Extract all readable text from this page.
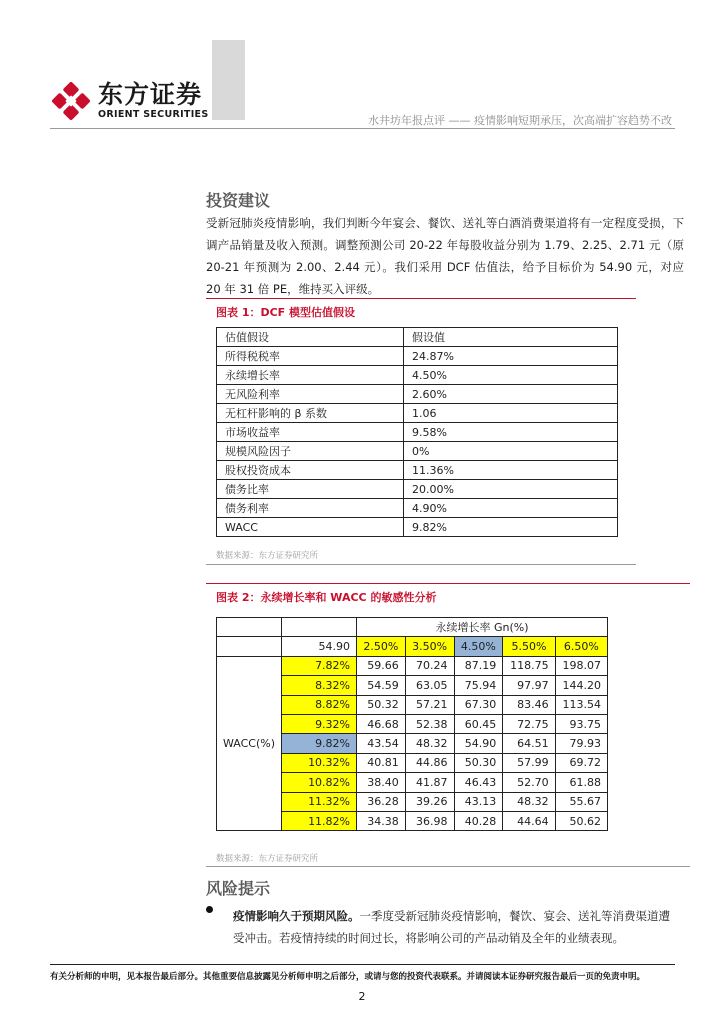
东方证券
ORIENT SECURITIES	水井坊年报点评 —— 疫情影响短期承压，次高端扩容趋势不改
投资建议
受新冠肺炎疫情影响，我们判断今年宴会、餐饮、送礼等白酒消费渠道将有一定程度受损，下调产品销量及收入预测。调整预测公司 20-22 年每股收益分别为 1.79、2.25、2.71 元（原 20-21 年预测为 2.00、2.44 元）。我们采用 DCF 估值法，给予目标价为 54.90 元，对应 20 年 31 倍 PE，维持买入评级。
图表 1：DCF 模型估值假设
估值假设	假设值
所得税税率	24.87%
永续增长率	4.50%
无风险利率	2.60%
无杠杆影响的 β 系数	1.06
市场收益率	9.58%
规模风险因子	0%
股权投资成本	11.36%
债务比率	20.00%
债务利率	4.90%
WACC	9.82%
数据来源：东方证券研究所
图表 2：永续增长率和 WACC 的敏感性分析
		永续增长率 Gn(%)				
	54.90	2.50%	3.50%	4.50%	5.50%	6.50%
WACC(%)	7.82%	59.66	70.24	87.19	118.75	198.07
	8.32%	54.59	63.05	75.94	97.97	144.20
	8.82%	50.32	57.21	67.30	83.46	113.54
	9.32%	46.68	52.38	60.45	72.75	93.75
	9.82%	43.54	48.32	54.90	64.51	79.93
	10.32%	40.81	44.86	50.30	57.99	69.72
	10.82%	38.40	41.87	46.43	52.70	61.88
	11.32%	36.28	39.26	43.13	48.32	55.67
	11.82%	34.38	36.98	40.28	44.64	50.62
数据来源：东方证券研究所
风险提示
疫情影响久于预期风险。一季度受新冠肺炎疫情影响，餐饮、宴会、送礼等消费渠道遭受冲击。若疫情持续的时间过长，将影响公司的产品动销及全年的业绩表现。
有关分析师的申明，见本报告最后部分。其他重要信息披露见分析师申明之后部分，或请与您的投资代表联系。并请阅读本证券研究报告最后一页的免责申明。
2
